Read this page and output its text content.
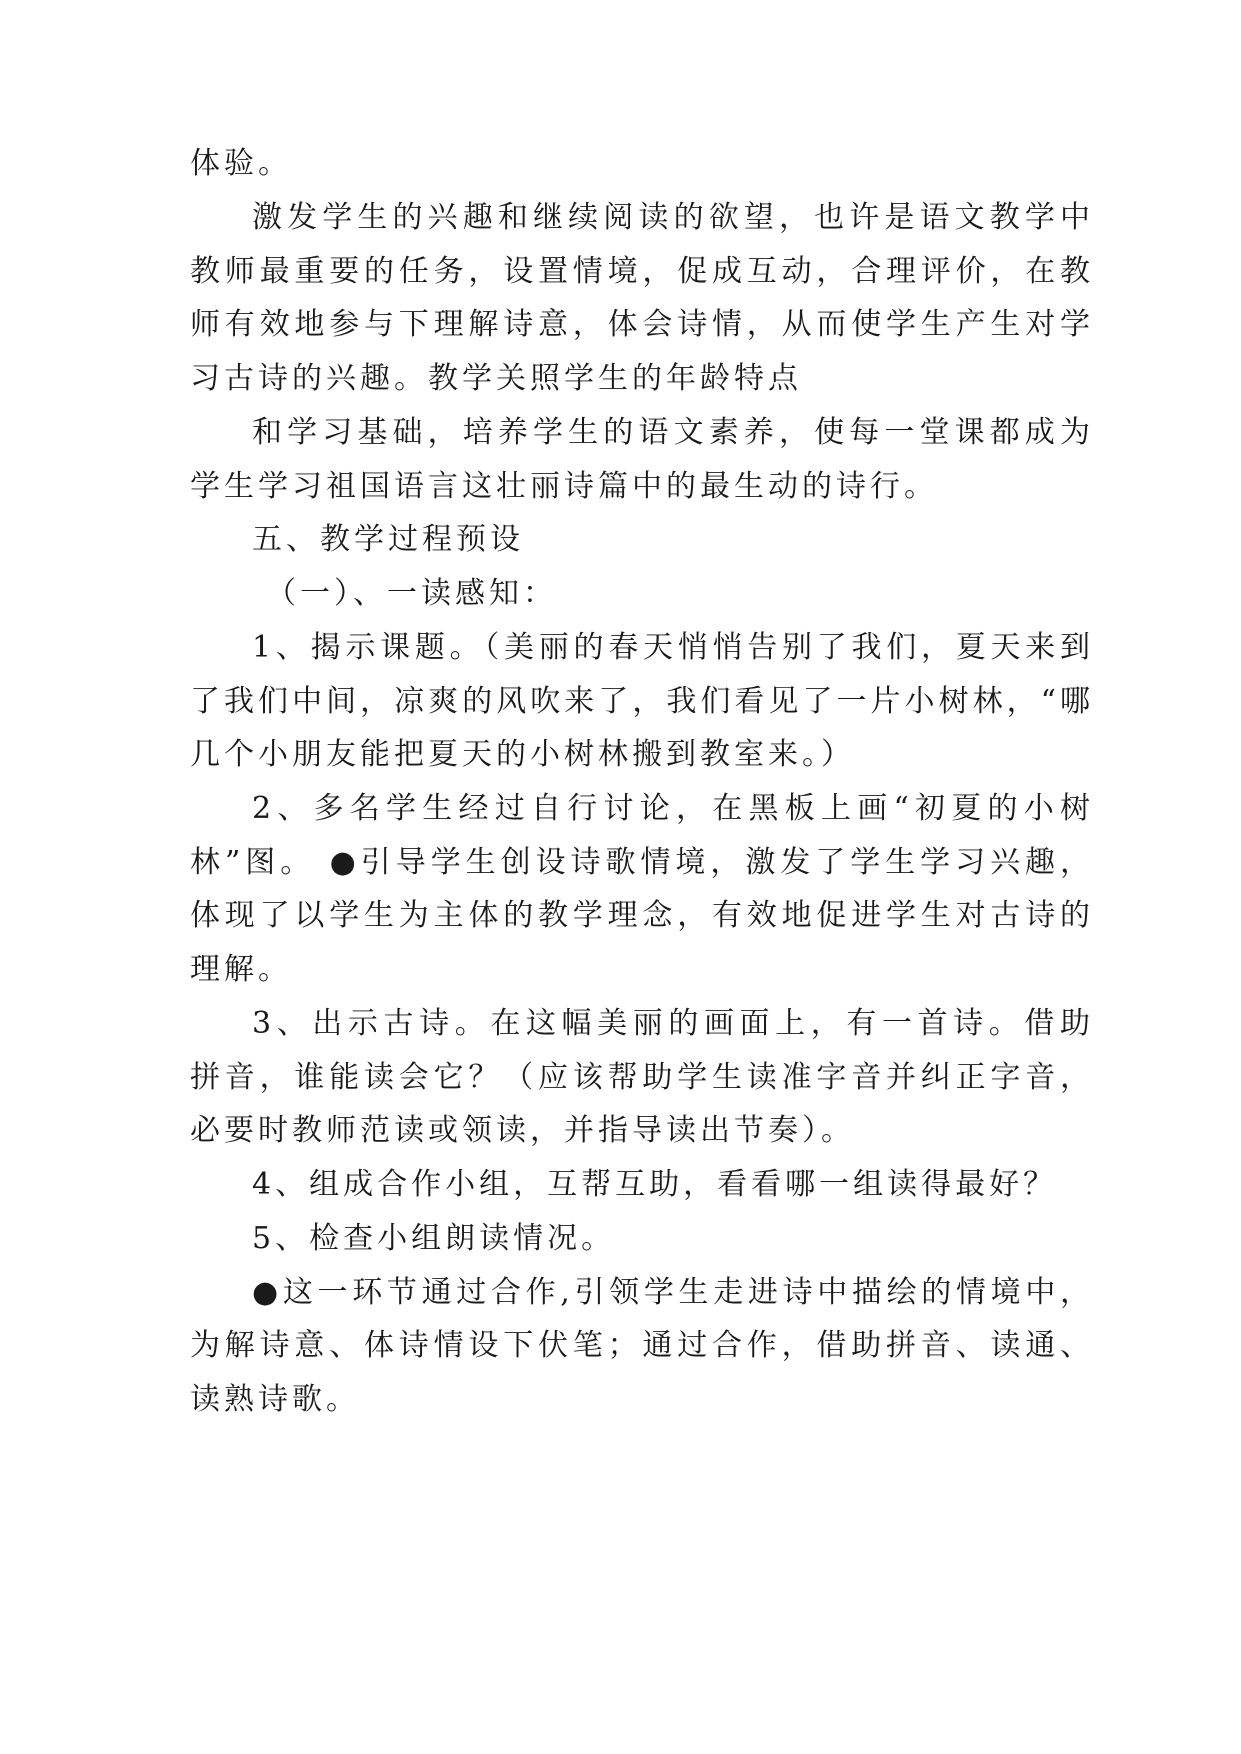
体验。
激发学生的兴趣和继续阅读的欲望，也许是语文教学中
教师最重要的任务，设置情境，促成互动，合理评价，在教
师有效地参与下理解诗意，体会诗情，从而使学生产生对学
习古诗的兴趣。教学关照学生的年龄特点
和学习基础，培养学生的语文素养，使每一堂课都成为
学生学习祖国语言这壮丽诗篇中的最生动的诗行。
五、教学过程预设
（一）、一读感知：
1、揭示课题。（美丽的春天悄悄告别了我们，夏天来到
了我们中间，凉爽的风吹来了，我们看见了一片小树林，“哪
几个小朋友能把夏天的小树林搬到教室来。）
2、多名学生经过自行讨论，在黑板上画“初夏的小树
林”图。 ●引导学生创设诗歌情境，激发了学生学习兴趣，
体现了以学生为主体的教学理念，有效地促进学生对古诗的
理解。
3、出示古诗。在这幅美丽的画面上，有一首诗。借助
拼音，谁能读会它？（应该帮助学生读准字音并纠正字音，
必要时教师范读或领读，并指导读出节奏）。
4、组成合作小组，互帮互助，看看哪一组读得最好？
5、检查小组朗读情况。
●这一环节通过合作,引领学生走进诗中描绘的情境中，
为解诗意、体诗情设下伏笔；通过合作，借助拼音、读通、
读熟诗歌。
